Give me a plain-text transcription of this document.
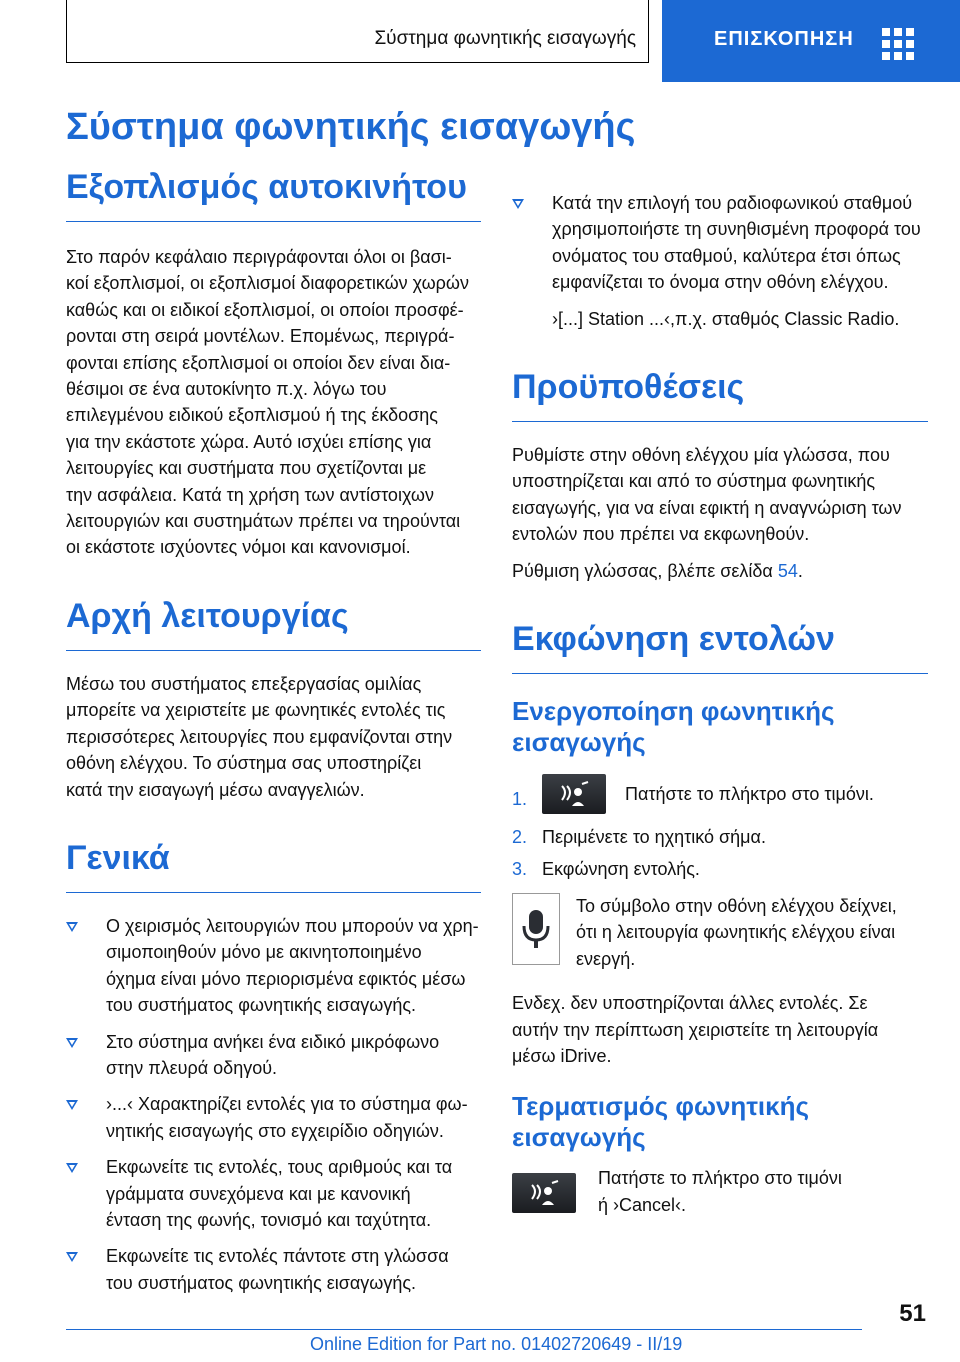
Σύστημα φωνητικής εισαγωγής	ΕΠΙΣΚΟΠΗΣΗ
Σύστημα φωνητικής εισαγωγής
Εξοπλισμός αυτοκινήτου

Στο παρόν κεφάλαιο περιγράφονται όλοι οι βασι‐

κοί εξοπλισμοί, οι εξοπλισμοί διαφορετικών χωρών

καθώς και οι ειδικοί εξοπλισμοί, οι οποίοι προσφέ‐

ρονται στη σειρά μοντέλων. Επομένως, περιγρά‐

φονται επίσης εξοπλισμοί οι οποίοι δεν είναι δια‐

θέσιμοι σε ένα αυτοκίνητο π.χ. λόγω του

επιλεγμένου ειδικού εξοπλισμού ή της έκδοσης

για την εκάστοτε χώρα. Αυτό ισχύει επίσης για

λειτουργίες και συστήματα που σχετίζονται με

την ασφάλεια. Κατά τη χρήση των αντίστοιχων

λειτουργιών και συστημάτων πρέπει να τηρούνται

οι εκάστοτε ισχύοντες νόμοι και κανονισμοί.

Αρχή λειτουργίας

Μέσω του συστήματος επεξεργασίας ομιλίας

μπορείτε να χειριστείτε με φωνητικές εντολές τις

περισσότερες λειτουργίες που εμφανίζονται στην

οθόνη ελέγχου. Το σύστημα σας υποστηρίζει

κατά την εισαγωγή μέσω αναγγελιών.

Γενικά
Ο χειρισμός λειτουργιών που μπορούν να χρη‐
σιμοποιηθούν μόνο με ακινητοποιημένο
όχημα είναι μόνο περιορισμένα εφικτός μέσω
του συστήματος φωνητικής εισαγωγής.
Στο σύστημα ανήκει ένα ειδικό μικρόφωνο
στην πλευρά οδηγού.
›...‹ Χαρακτηρίζει εντολές για το σύστημα φω‐
νητικής εισαγωγής στο εγχειρίδιο οδηγιών.
Εκφωνείτε τις εντολές, τους αριθμούς και τα
γράμματα συνεχόμενα και με κανονική
ένταση της φωνής, τονισμό και ταχύτητα.
Εκφωνείτε τις εντολές πάντοτε στη γλώσσα
του συστήματος φωνητικής εισαγωγής.
Κατά την επιλογή του ραδιοφωνικού σταθμού
χρησιμοποιήστε τη συνηθισμένη προφορά του
ονόματος του σταθμού, καλύτερα έτσι όπως
εμφανίζεται το όνομα στην οθόνη ελέγχου.
›[...] Station ...‹,π.χ. σταθμός Classic Radio.
Προϋποθέσεις

Ρυθμίστε στην οθόνη ελέγχου μία γλώσσα, που

υποστηρίζεται και από το σύστημα φωνητικής

εισαγωγής, για να είναι εφικτή η αναγνώριση των

εντολών που πρέπει να εκφωνηθούν.

Ρύθμιση γλώσσας, βλέπε σελίδα 54.

Εκφώνηση εντολών
Ενεργοποίηση φωνητικής
εισαγωγής
1.	Πατήστε το πλήκτρο στο τιμόνι.
2. Περιμένετε το ηχητικό σήμα.
3. Εκφώνηση εντολής.

Το σύμβολο στην οθόνη ελέγχου δείχνει,

ότι η λειτουργία φωνητικής ελέγχου είναι

ενεργή.

Ενδεχ. δεν υποστηρίζονται άλλες εντολές. Σε

αυτήν την περίπτωση χειριστείτε τη λειτουργία

μέσω iDrive.

Τερματισμός φωνητικής
εισαγωγής

Πατήστε το πλήκτρο στο τιμόνι

ή ›Cancel‹.

51
Online Edition for Part no. 01402720649 - II/19
